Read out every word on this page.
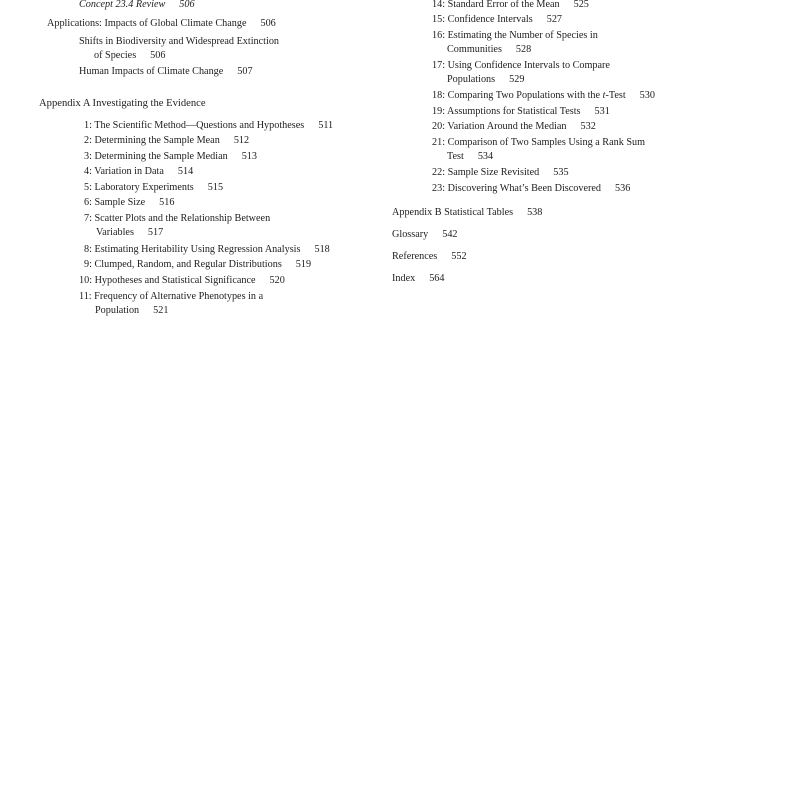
Concept 23.4 Review 506
Applications: Impacts of Global Climate Change 506
Shifts in Biodiversity and Widespread Extinction
of Species 506
Human Impacts of Climate Change 507
Appendix A Investigating the Evidence
1: The Scientific Method—Questions and Hypotheses 511
2: Determining the Sample Mean 512
3: Determining the Sample Median 513
4: Variation in Data 514
5: Laboratory Experiments 515
6: Sample Size 516
7: Scatter Plots and the Relationship Between
Variables 517
8: Estimating Heritability Using Regression Analysis 518
9: Clumped, Random, and Regular Distributions 519
10: Hypotheses and Statistical Significance 520
11: Frequency of Alternative Phenotypes in a
Population 521
14: Standard Error of the Mean 525
15: Confidence Intervals 527
16: Estimating the Number of Species in
Communities 528
17: Using Confidence Intervals to Compare
Populations 529
18: Comparing Two Populations with the t-Test 530
19: Assumptions for Statistical Tests 531
20: Variation Around the Median 532
21: Comparison of Two Samples Using a Rank Sum
Test 534
22: Sample Size Revisited 535
23: Discovering What’s Been Discovered 536
Appendix B Statistical Tables 538
Glossary 542
References 552
Index 564
